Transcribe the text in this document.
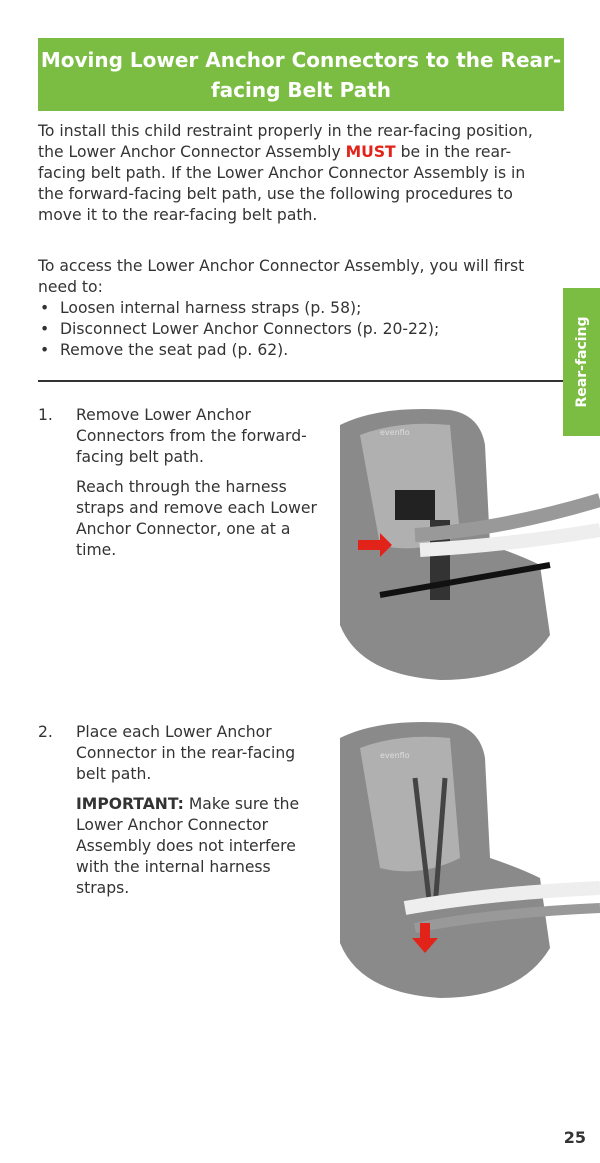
Moving Lower Anchor Connectors to the Rear-facing Belt Path
To install this child restraint properly in the rear-facing position, the Lower Anchor Connector Assembly MUST be in the rear-facing belt path. If the Lower Anchor Connector Assembly is in the forward-facing belt path, use the following procedures to move it to the rear-facing belt path.
To access the Lower Anchor Connector Assembly, you will first need to:
• Loosen internal harness straps (p. 58);
• Disconnect Lower Anchor Connectors (p. 20-22);
• Remove the seat pad (p. 62).	Rear-facing
1. Remove Lower Anchor Connectors from the forward-facing belt path.

Reach through the harness straps and remove each Lower Anchor Connector, one at a time.

2. Place each Lower Anchor Connector in the rear-facing belt path.

IMPORTANT: Make sure the Lower Anchor Connector Assembly does not interfere with the internal harness straps.

evenflo
evenflo
25
